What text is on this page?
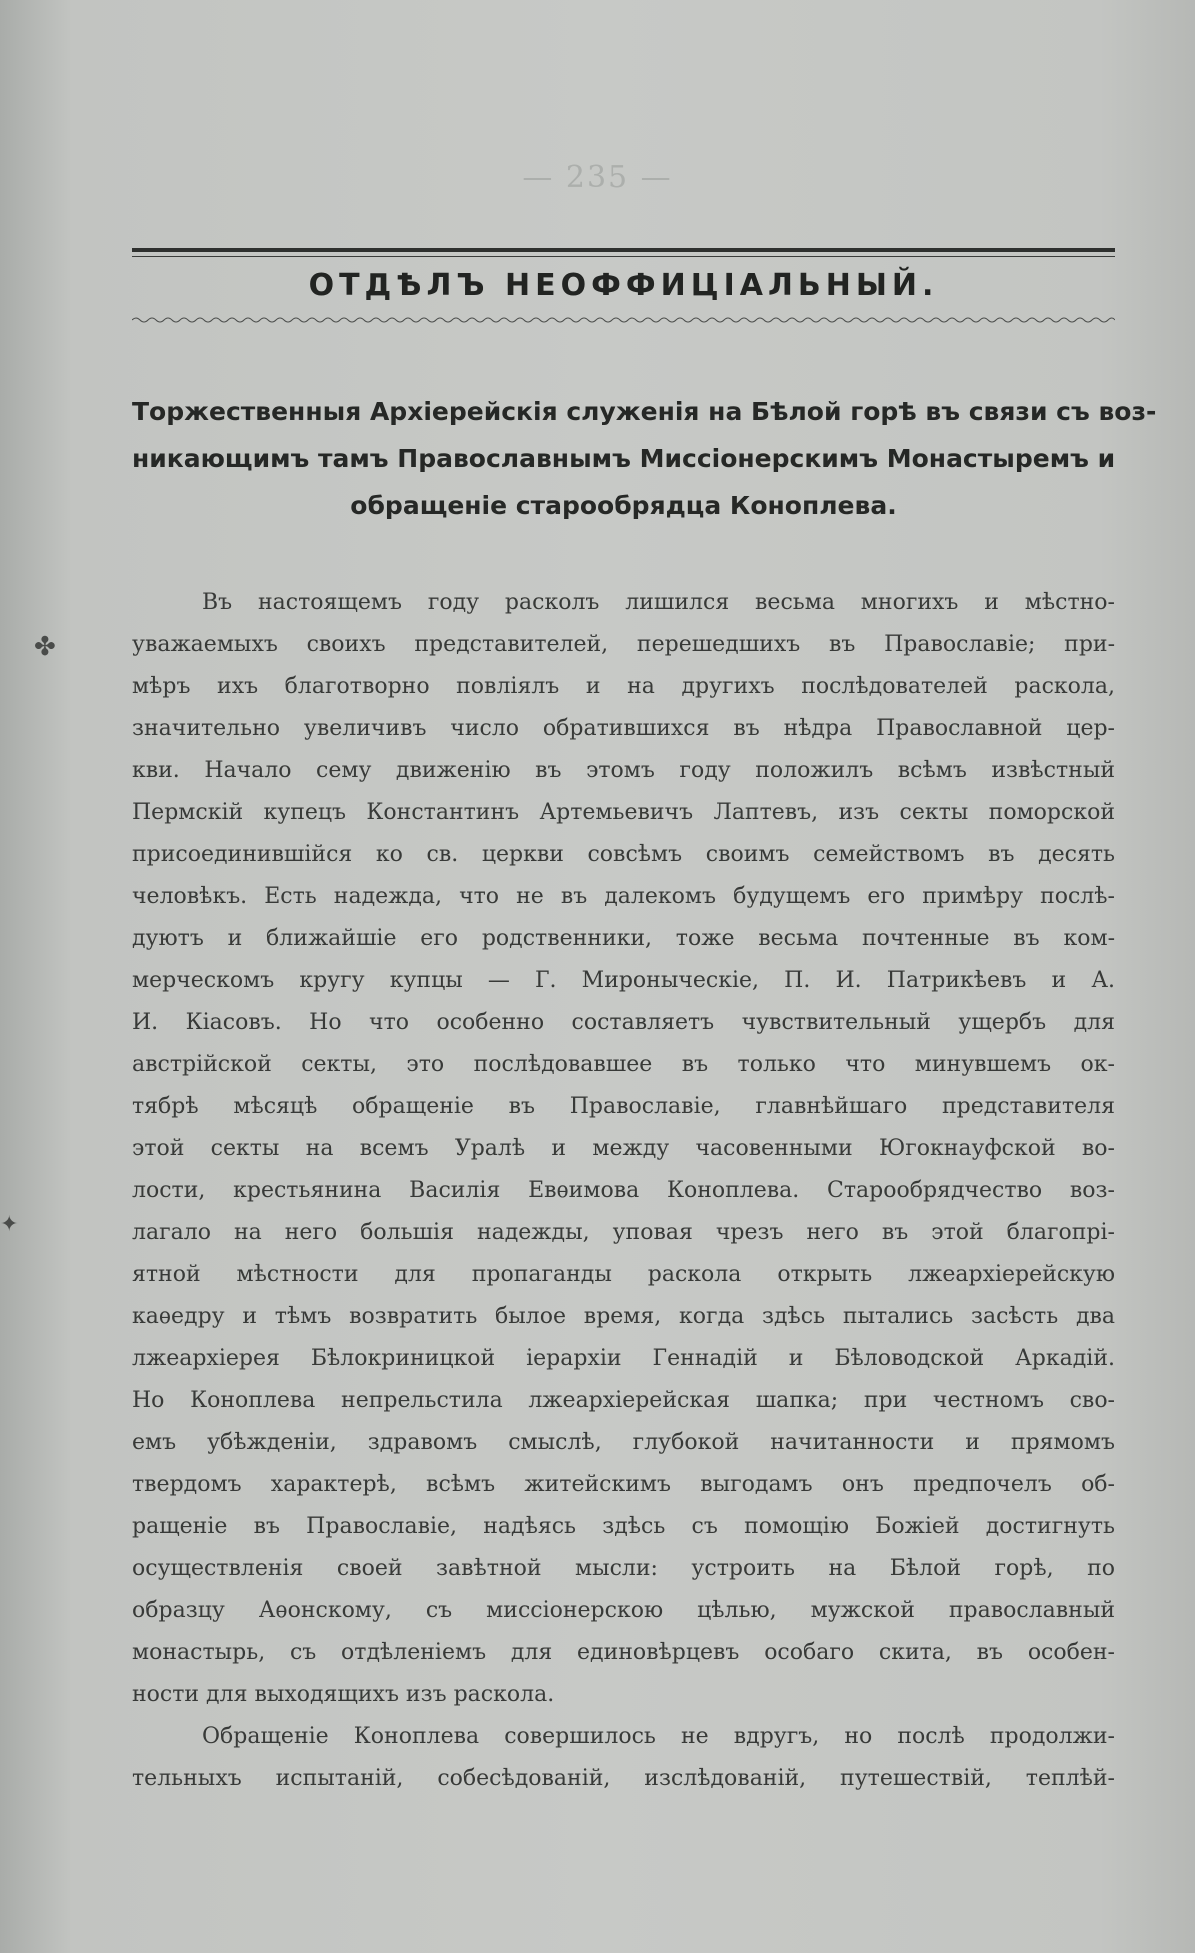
— 235 —
ОТДѢЛЪ НЕОФФИЦІАЛЬНЫЙ.
Торжественныя Архіерейскія служенія на Бѣлой горѣ въ связи съ воз-
никающимъ тамъ Православнымъ Миссіонерскимъ Монастыремъ и
обращеніе старообрядца Коноплева.
Въ настоящемъ году расколъ лишился весьма многихъ и мѣстно-
уважаемыхъ своихъ представителей, перешедшихъ въ Православіе; при-
мѣръ ихъ благотворно повліялъ и на другихъ послѣдователей раскола,
значительно увеличивъ число обратившихся въ нѣдра Православной цер-
кви. Начало сему движенію въ этомъ году положилъ всѣмъ извѣстный
Пермскій купецъ Константинъ Артемьевичъ Лаптевъ, изъ секты поморской
присоединившійся ко св. церкви совсѣмъ своимъ семействомъ въ десять
человѣкъ. Есть надежда, что не въ далекомъ будущемъ его примѣру послѣ-
дуютъ и ближайшіе его родственники, тоже весьма почтенные въ ком-
мерческомъ кругу купцы — Г. Мироныческіе, П. И. Патрикѣевъ и А.
И. Кіасовъ. Но что особенно составляетъ чувствительный ущербъ для
австрійской секты, это послѣдовавшее въ только что минувшемъ ок-
тябрѣ мѣсяцѣ обращеніе въ Православіе, главнѣйшаго представителя
этой секты на всемъ Уралѣ и между часовенными Югокнауфской во-
лости, крестьянина Василія Евѳимова Коноплева. Старообрядчество воз-
лагало на него большія надежды, уповая чрезъ него въ этой благопрі-
ятной мѣстности для пропаганды раскола открыть лжеархіерейскую
каѳедру и тѣмъ возвратить былое время, когда здѣсь пытались засѣсть два
лжеархіерея Бѣлокриницкой іерархіи Геннадій и Бѣловодской Аркадій.
Но Коноплева непрельстила лжеархіерейская шапка; при честномъ сво-
емъ убѣжденіи, здравомъ смыслѣ, глубокой начитанности и прямомъ
твердомъ характерѣ, всѣмъ житейскимъ выгодамъ онъ предпочелъ об-
ращеніе въ Православіе, надѣясь здѣсь съ помощію Божіей достигнуть
осуществленія своей завѣтной мысли: устроить на Бѣлой горѣ, по
образцу Аѳонскому, съ миссіонерскою цѣлью, мужской православный
монастырь, съ отдѣленіемъ для единовѣрцевъ особаго скита, въ особен-
ности для выходящихъ изъ раскола.
Обращеніе Коноплева совершилось не вдругъ, но послѣ продолжи-
тельныхъ испытаній, собесѣдованій, изслѣдованій, путешествій, теплѣй-
✤
✦
